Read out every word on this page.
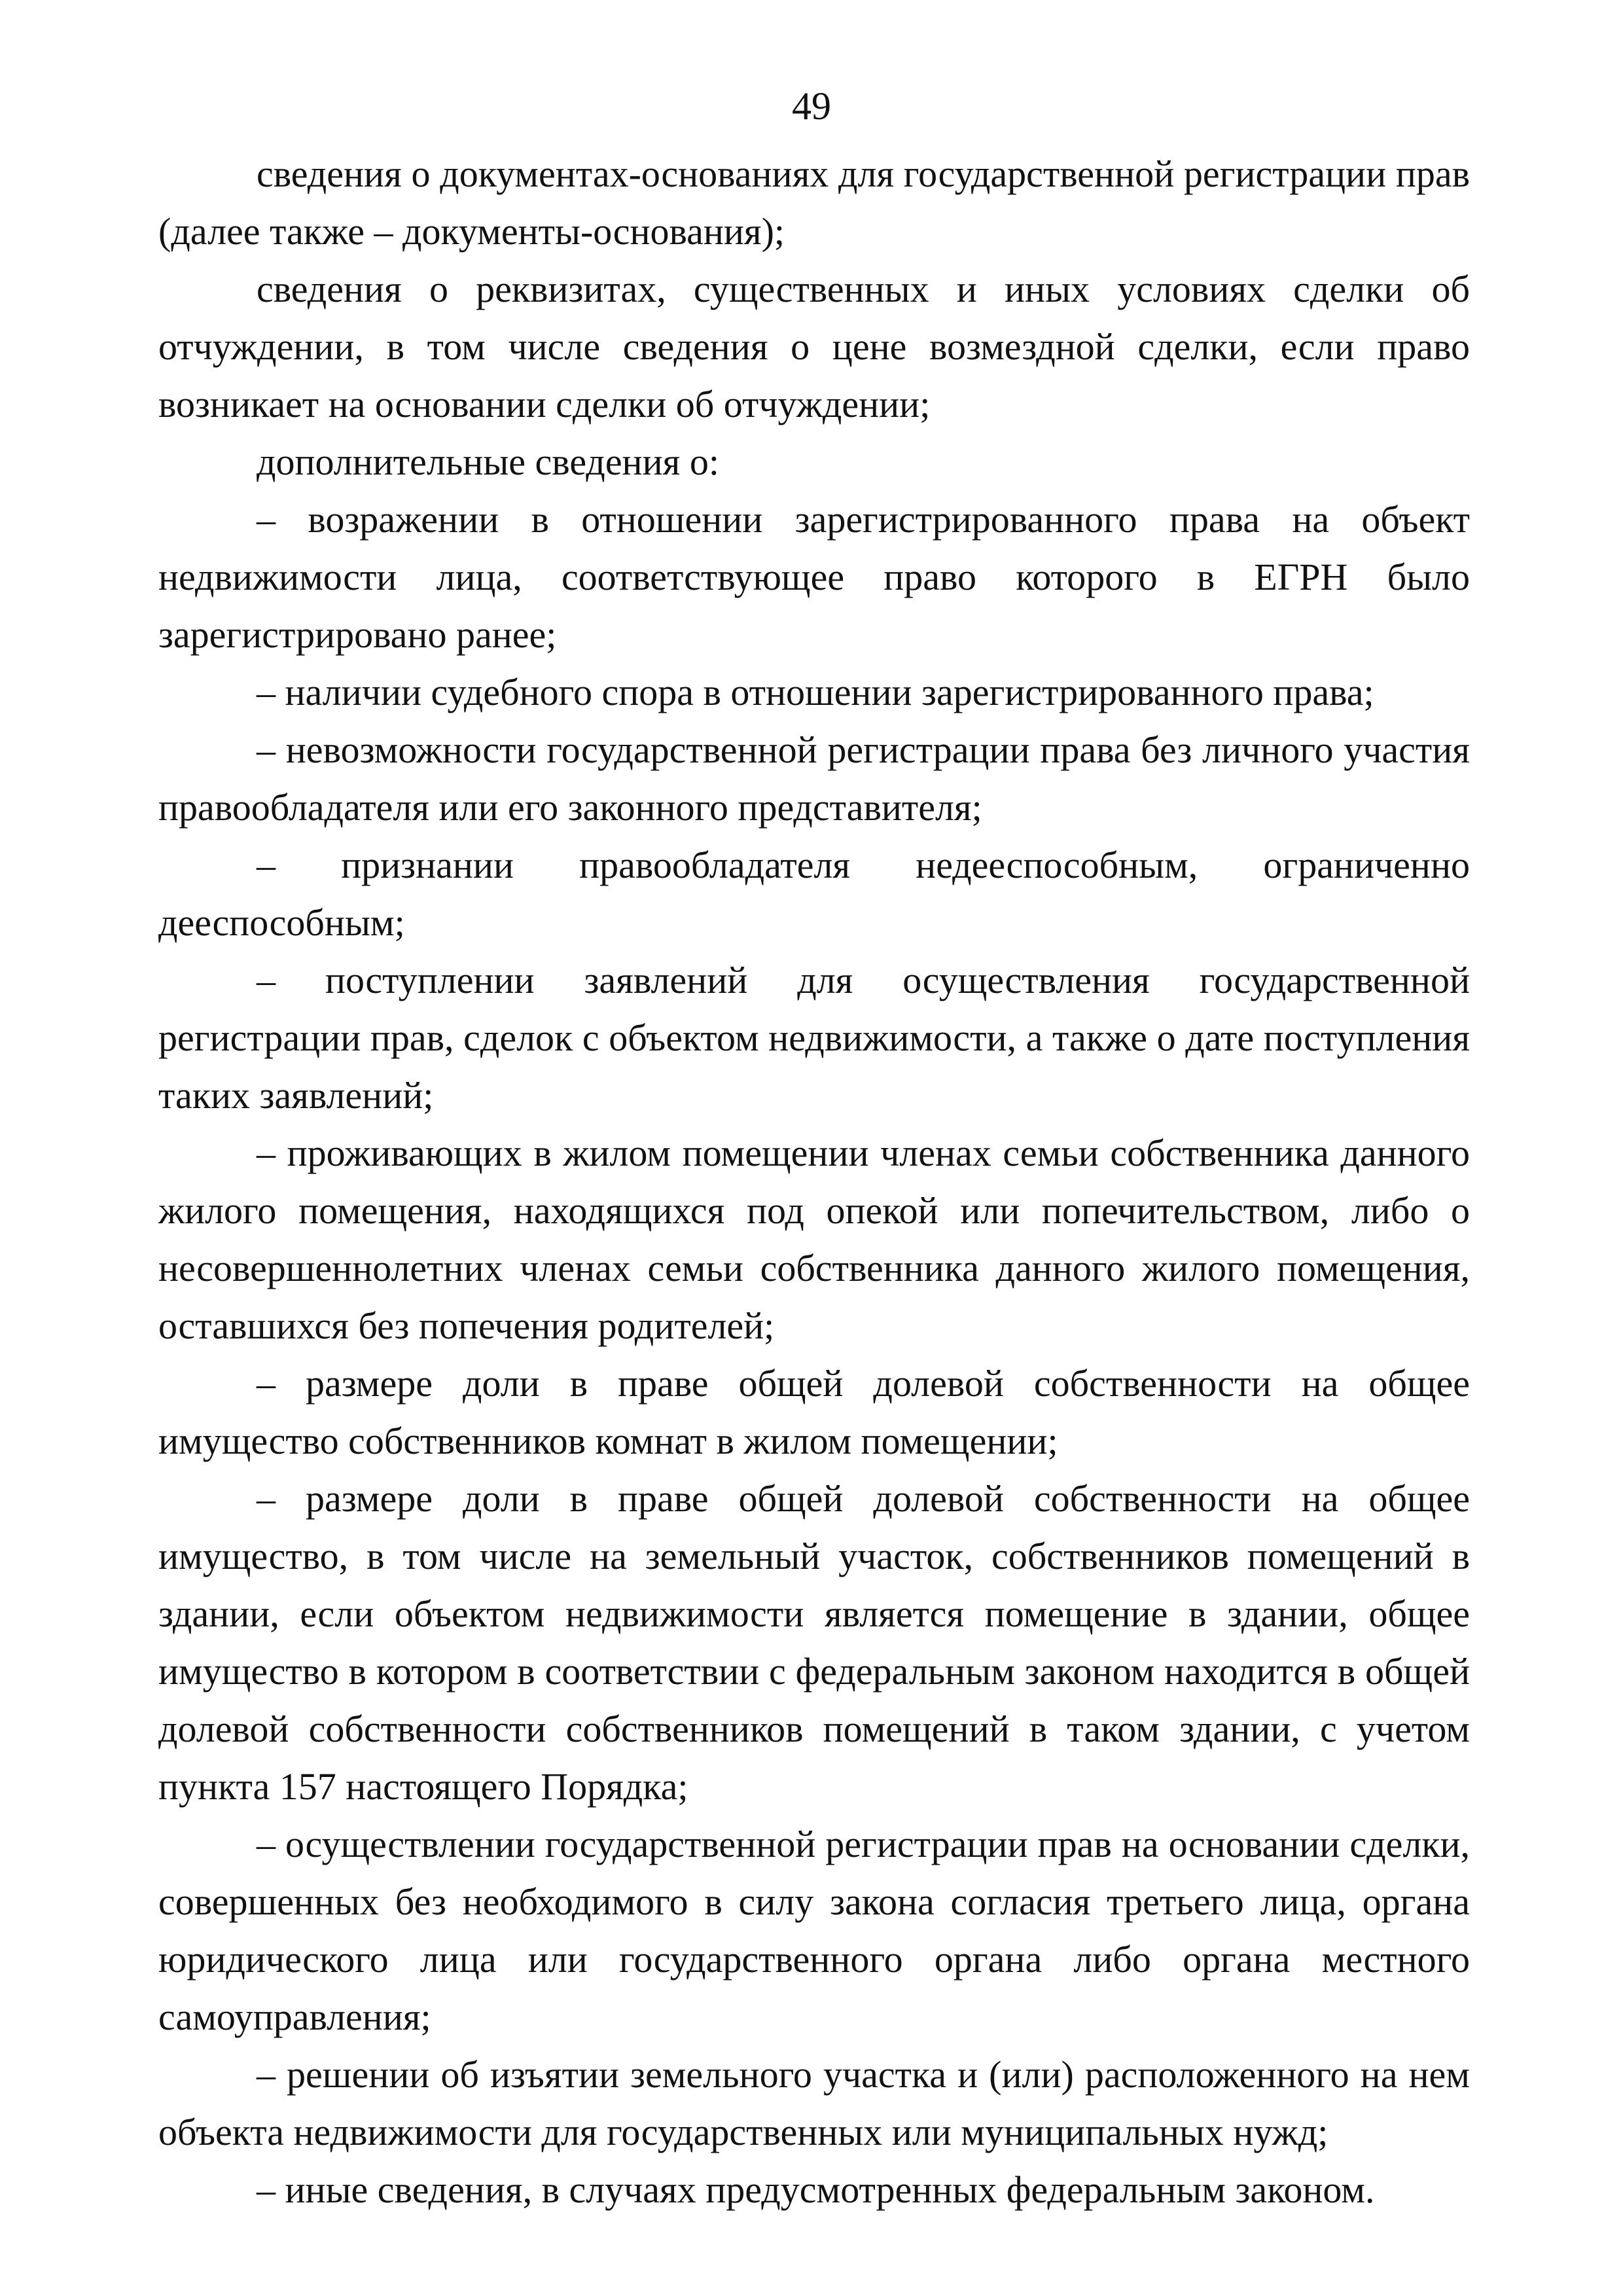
49

сведения о документах-основаниях для государственной регистрации прав (далее также – документы-основания);

сведения о реквизитах, существенных и иных условиях сделки об отчуждении, в том числе сведения о цене возмездной сделки, если право возникает на основании сделки об отчуждении;

дополнительные сведения о:

– возражении в отношении зарегистрированного права на объект недвижимости лица, соответствующее право которого в ЕГРН было зарегистрировано ранее;

– наличии судебного спора в отношении зарегистрированного права;

– невозможности государственной регистрации права без личного участия правообладателя или его законного представителя;

– признании правообладателя недееспособным, ограниченно дееспособным;

– поступлении заявлений для осуществления государственной регистрации прав, сделок с объектом недвижимости, а также о дате поступления таких заявлений;

– проживающих в жилом помещении членах семьи собственника данного жилого помещения, находящихся под опекой или попечительством, либо о несовершеннолетних членах семьи собственника данного жилого помещения, оставшихся без попечения родителей;

– размере доли в праве общей долевой собственности на общее имущество собственников комнат в жилом помещении;

– размере доли в праве общей долевой собственности на общее имущество, в том числе на земельный участок, собственников помещений в здании, если объектом недвижимости является помещение в здании, общее имущество в котором в соответствии с федеральным законом находится в общей долевой собственности собственников помещений в таком здании, с учетом пункта 157 настоящего Порядка;

– осуществлении государственной регистрации прав на основании сделки, совершенных без необходимого в силу закона согласия третьего лица, органа юридического лица или государственного органа либо органа местного самоуправления;

– решении об изъятии земельного участка и (или) расположенного на нем объекта недвижимости для государственных или муниципальных нужд;

– иные сведения, в случаях предусмотренных федеральным законом.
